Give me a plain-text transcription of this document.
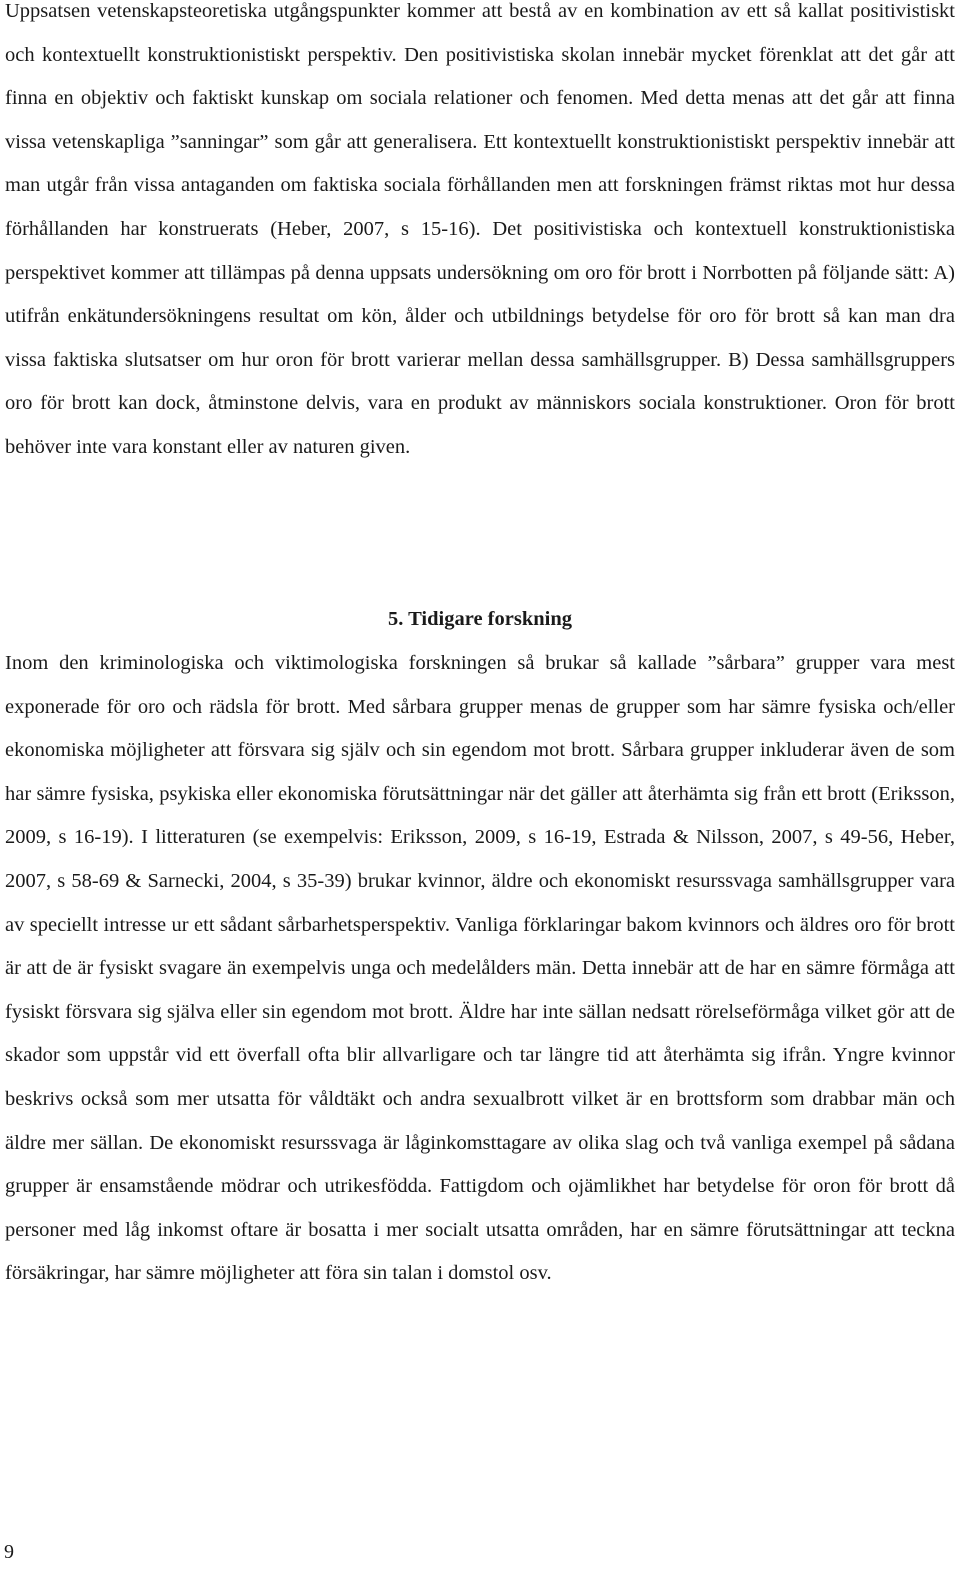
Uppsatsen vetenskapsteoretiska utgångspunkter kommer att bestå av en kombination av ett så kallat positivistiskt och kontextuellt konstruktionistiskt perspektiv. Den positivistiska skolan innebär mycket förenklat att det går att finna en objektiv och faktiskt kunskap om sociala relationer och fenomen. Med detta menas att det går att finna vissa vetenskapliga ”sanningar” som går att generalisera. Ett kontextuellt konstruktionistiskt perspektiv innebär att man utgår från vissa antaganden om faktiska sociala förhållanden men att forskningen främst riktas mot hur dessa förhållanden har konstruerats (Heber, 2007, s 15-16). Det positivistiska och kontextuell konstruktionistiska perspektivet kommer att tillämpas på denna uppsats undersökning om oro för brott i Norrbotten på följande sätt: A) utifrån enkätundersökningens resultat om kön, ålder och utbildnings betydelse för oro för brott så kan man dra vissa faktiska slutsatser om hur oron för brott varierar mellan dessa samhällsgrupper. B) Dessa samhällsgruppers oro för brott kan dock, åtminstone delvis, vara en produkt av människors sociala konstruktioner. Oron för brott behöver inte vara konstant eller av naturen given.

5. Tidigare forskning

Inom den kriminologiska och viktimologiska forskningen så brukar så kallade ”sårbara” grupper vara mest exponerade för oro och rädsla för brott. Med sårbara grupper menas de grupper som har sämre fysiska och/eller ekonomiska möjligheter att försvara sig själv och sin egendom mot brott. Sårbara grupper inkluderar även de som har sämre fysiska, psykiska eller ekonomiska förutsättningar när det gäller att återhämta sig från ett brott (Eriksson, 2009, s 16-19). I litteraturen (se exempelvis: Eriksson, 2009, s 16-19, Estrada & Nilsson, 2007, s 49-56, Heber, 2007, s 58-69 & Sarnecki, 2004, s 35-39) brukar kvinnor, äldre och ekonomiskt resurssvaga samhällsgrupper vara av speciellt intresse ur ett sådant sårbarhetsperspektiv. Vanliga förklaringar bakom kvinnors och äldres oro för brott är att de är fysiskt svagare än exempelvis unga och medelålders män. Detta innebär att de har en sämre förmåga att fysiskt försvara sig själva eller sin egendom mot brott. Äldre har inte sällan nedsatt rörelseförmåga vilket gör att de skador som uppstår vid ett överfall ofta blir allvarligare och tar längre tid att återhämta sig ifrån. Yngre kvinnor beskrivs också som mer utsatta för våldtäkt och andra sexualbrott vilket är en brottsform som drabbar män och äldre mer sällan. De ekonomiskt resurssvaga är låginkomsttagare av olika slag och två vanliga exempel på sådana grupper är ensamstående mödrar och utrikesfödda. Fattigdom och ojämlikhet har betydelse för oron för brott då personer med låg inkomst oftare är bosatta i mer socialt utsatta områden, har en sämre förutsättningar att teckna försäkringar, har sämre möjligheter att föra sin talan i domstol osv.

9
